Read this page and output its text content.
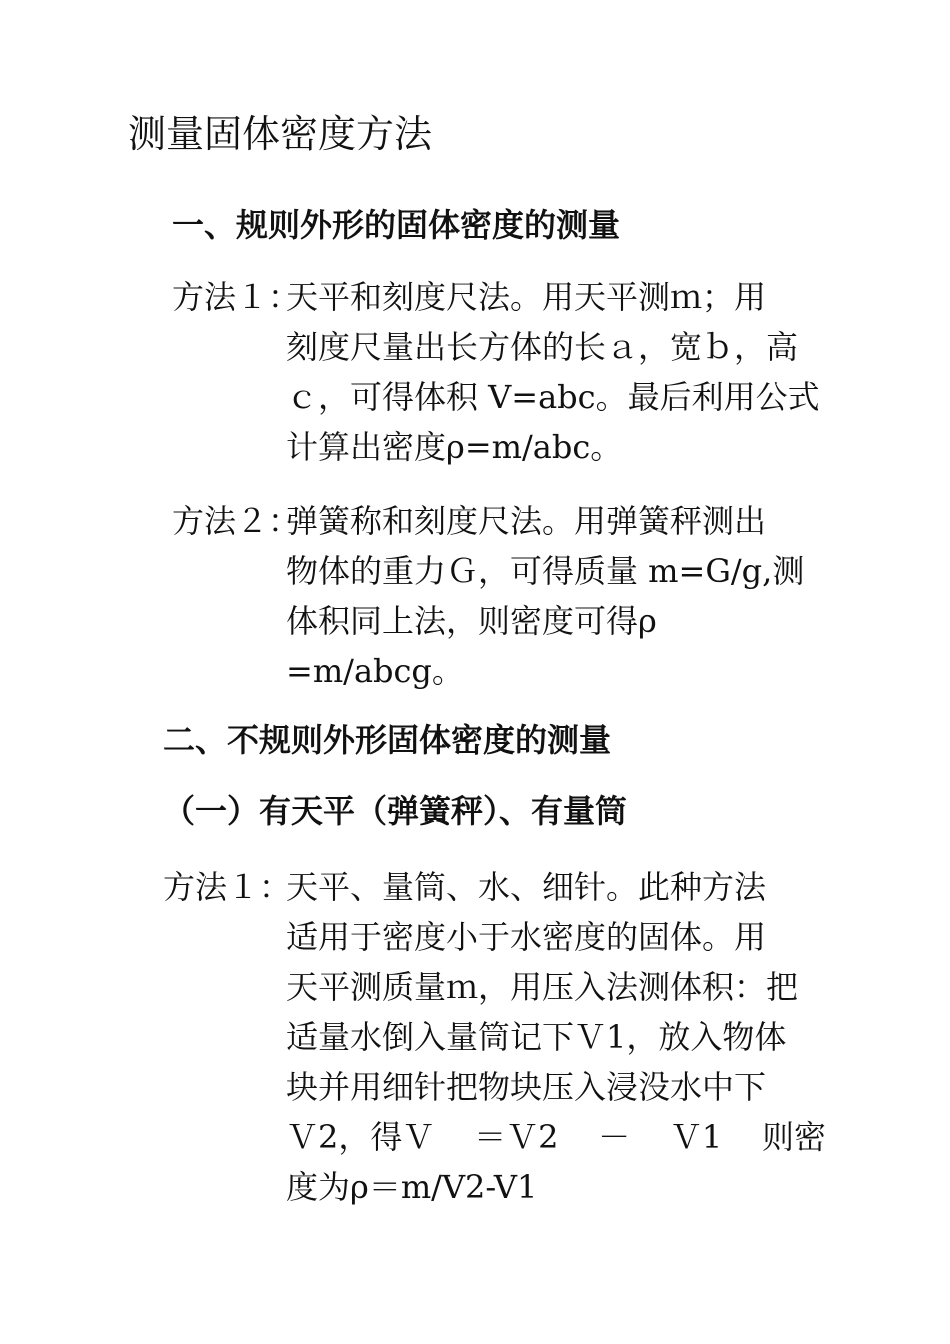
测量固体密度方法
一、规则外形的固体密度的测量
方法１：
天平和刻度尺法。用天平测ｍ；用
刻度尺量出长方体的长ａ，宽ｂ，高
ｃ，可得体积 V=abc。最后利用公式
计算出密度ρ=m/abc。
方法２：
弹簧称和刻度尺法。用弹簧秤测出
物体的重力Ｇ，可得质量 m=G/g,测
体积同上法，则密度可得ρ
=m/abcg。
二、不规则外形固体密度的测量
（一）有天平（弹簧秤）、有量筒
方法１：
天平、量筒、水、细针。此种方法
适用于密度小于水密度的固体。用
天平测质量ｍ，用压入法测体积：把
适量水倒入量筒记下Ｖ1，放入物体
块并用细针把物块压入浸没水中下
Ｖ2，得Ｖ ＝Ｖ2 － Ｖ1 则密
度为ρ＝m/V2-V1
